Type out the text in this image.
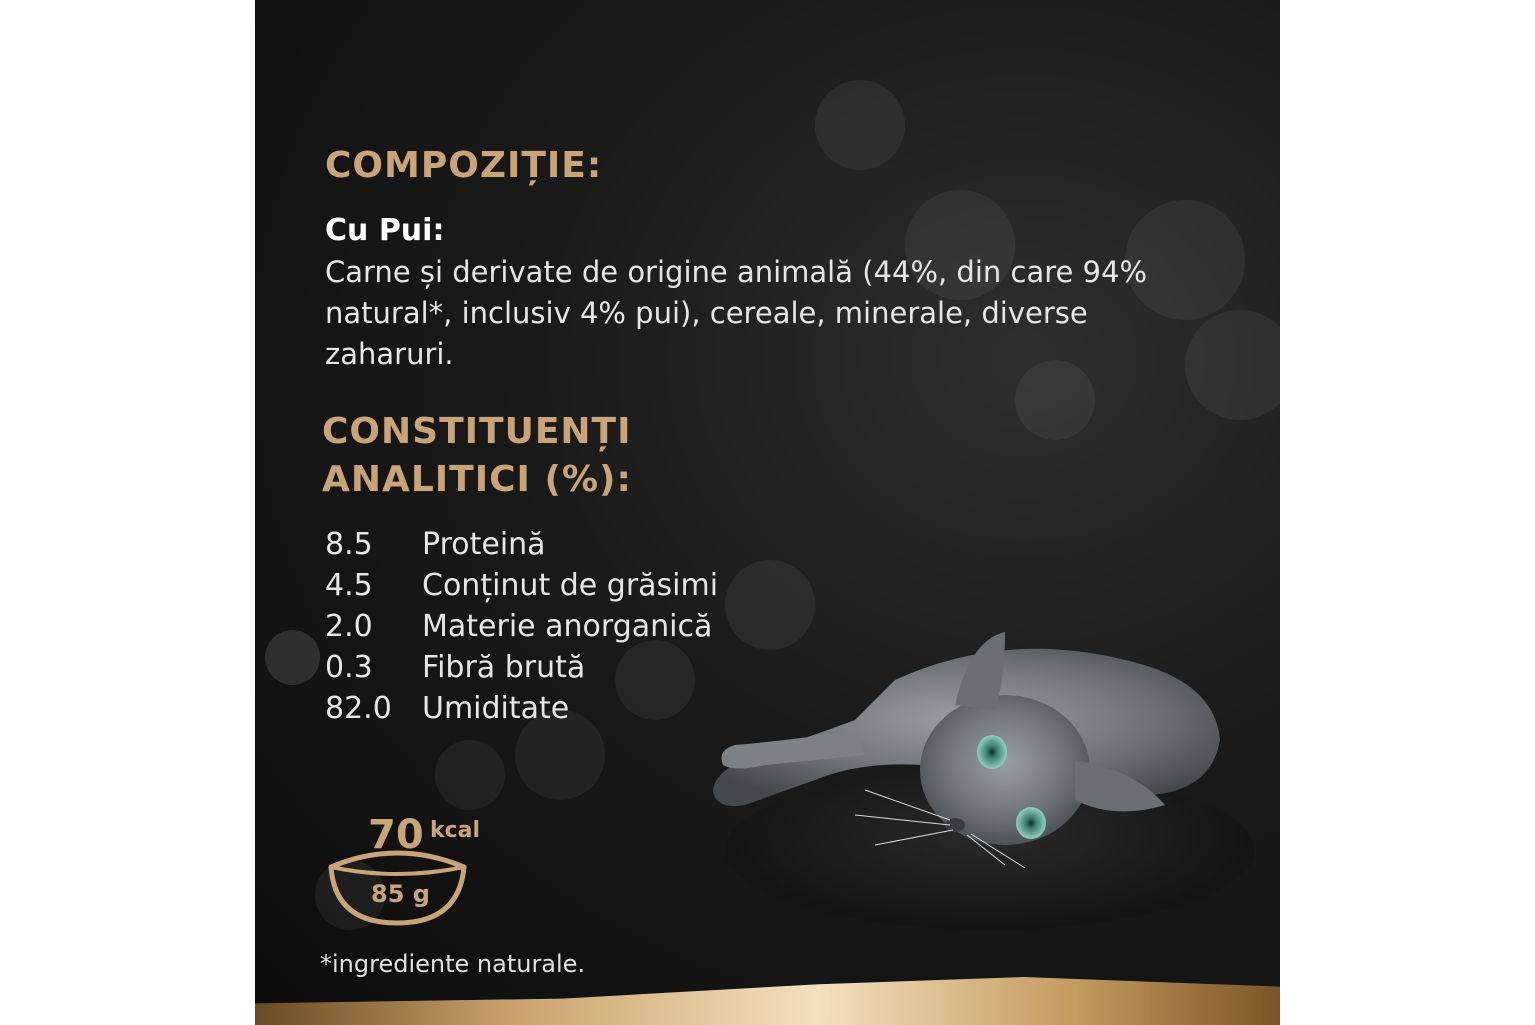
COMPOZIȚIE:
Cu Pui:
Carne și derivate de origine animală (44%, din care 94% natural*, inclusiv 4% pui), cereale, minerale, diverse zaharuri.
CONSTITUENȚI
ANALITICI (%):
8.5	Proteină
4.5	Conținut de grăsimi
2.0	Materie anorganică
0.3	Fibră brută
82.0	Umiditate
70 kcal
85 g
*ingrediente naturale.
